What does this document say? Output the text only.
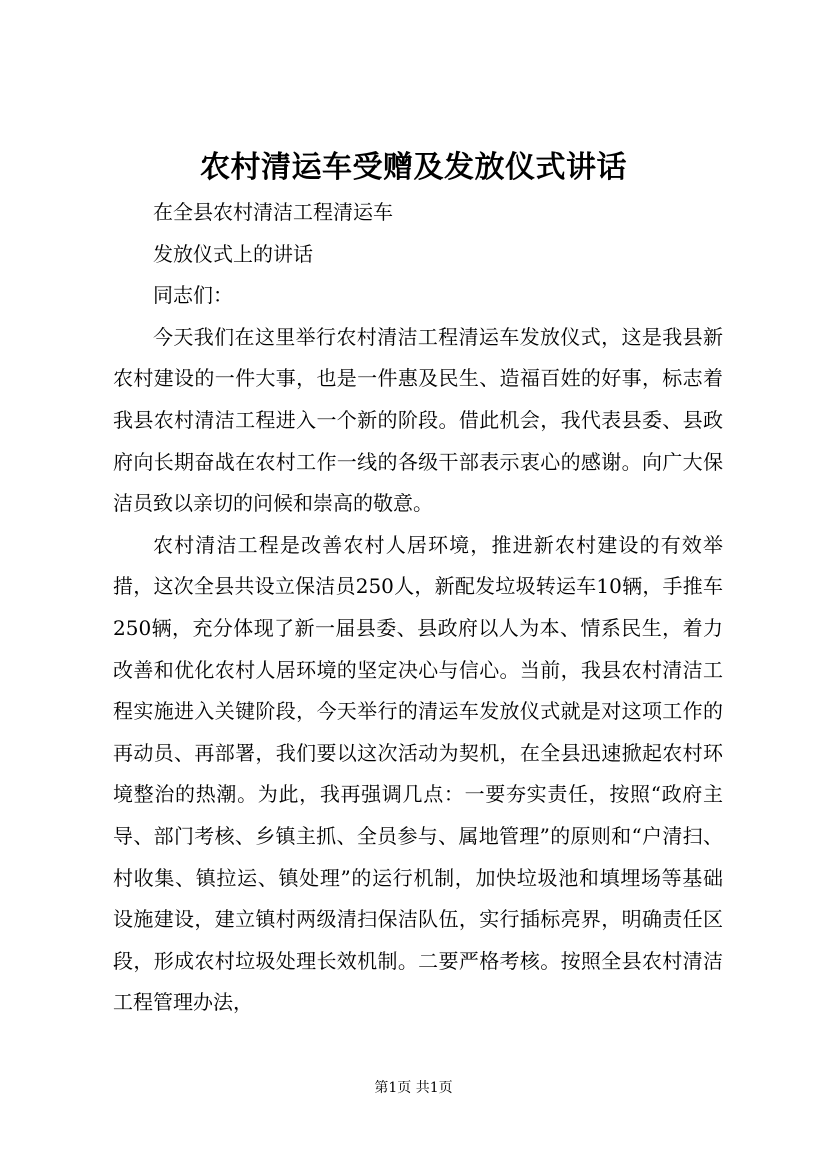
农村清运车受赠及发放仪式讲话

在全县农村清洁工程清运车

发放仪式上的讲话

同志们：

今天我们在这里举行农村清洁工程清运车发放仪式，这是我县新农村建设的一件大事，也是一件惠及民生、造福百姓的好事，标志着我县农村清洁工程进入一个新的阶段。借此机会，我代表县委、县政府向长期奋战在农村工作一线的各级干部表示衷心的感谢。向广大保洁员致以亲切的问候和崇高的敬意。

农村清洁工程是改善农村人居环境，推进新农村建设的有效举措，这次全县共设立保洁员250人，新配发垃圾转运车10辆，手推车250辆，充分体现了新一届县委、县政府以人为本、情系民生，着力改善和优化农村人居环境的坚定决心与信心。当前，我县农村清洁工程实施进入关键阶段，今天举行的清运车发放仪式就是对这项工作的再动员、再部署，我们要以这次活动为契机，在全县迅速掀起农村环境整治的热潮。为此，我再强调几点：一要夯实责任，按照“政府主导、部门考核、乡镇主抓、全员参与、属地管理”的原则和“户清扫、村收集、镇拉运、镇处理”的运行机制，加快垃圾池和填埋场等基础设施建设，建立镇村两级清扫保洁队伍，实行插标亮界，明确责任区段，形成农村垃圾处理长效机制。二要严格考核。按照全县农村清洁工程管理办法，

第1页 共1页
